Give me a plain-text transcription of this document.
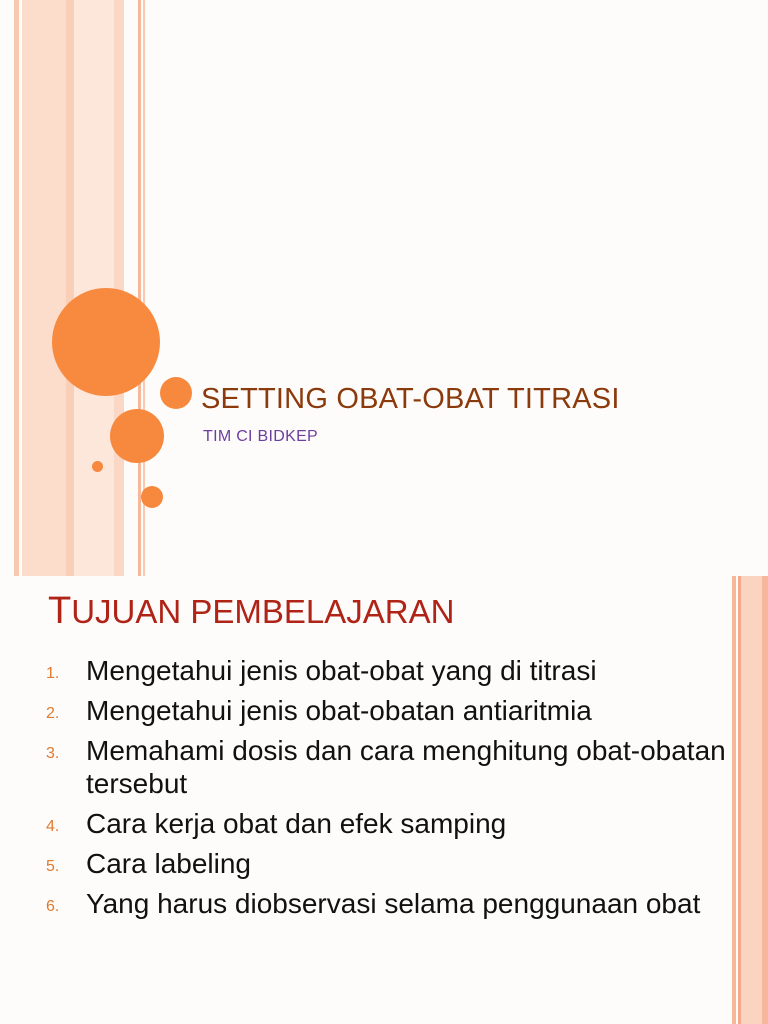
SETTING OBAT-OBAT TITRASI
TIM CI BIDKEP
TUJUAN PEMBELAJARAN
1. Mengetahui jenis obat-obat yang di titrasi
2. Mengetahui jenis obat-obatan antiaritmia
3. Memahami dosis dan cara menghitung obat-obatan tersebut
4. Cara kerja obat dan efek samping
5. Cara labeling
6. Yang harus diobservasi selama penggunaan obat
